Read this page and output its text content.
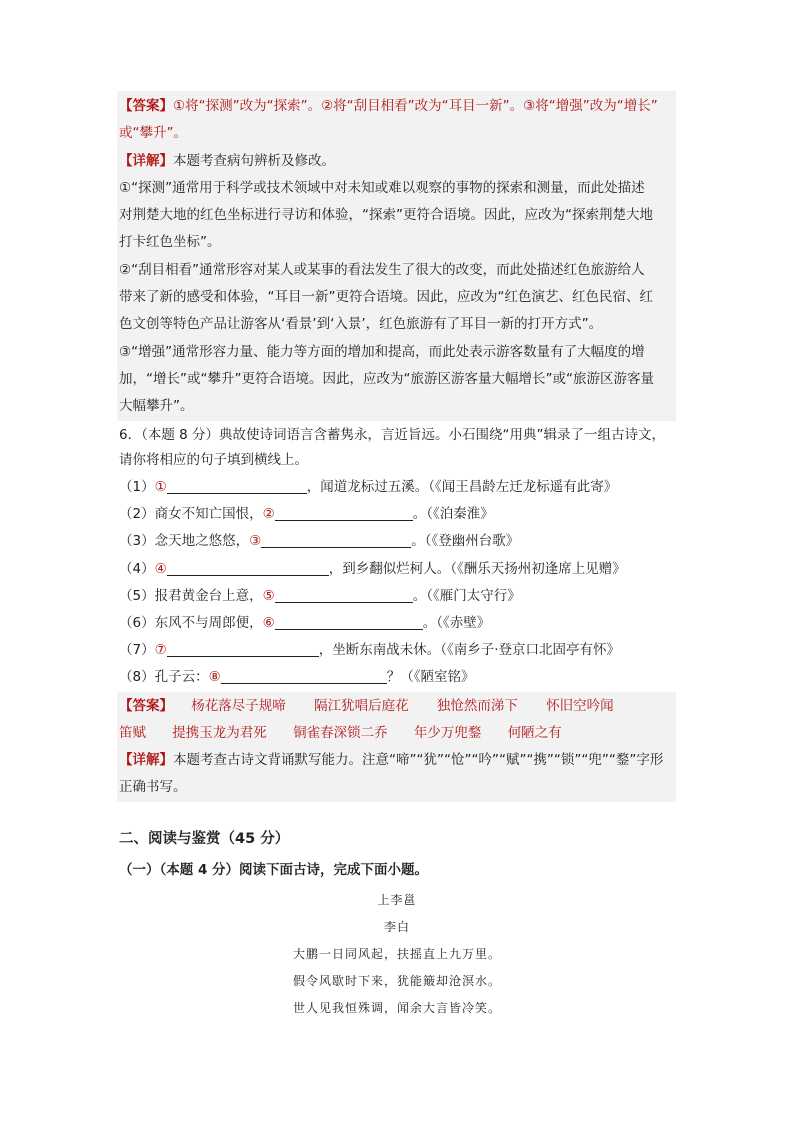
【答案】①将“探测”改为“探索”。②将“刮目相看”改为“耳目一新”。③将“增强”改为“增长”
或“攀升”。
【详解】本题考查病句辨析及修改。
①“探测”通常用于科学或技术领域中对未知或难以观察的事物的探索和测量，而此处描述
对荆楚大地的红色坐标进行寻访和体验，“探索”更符合语境。因此，应改为“探索荆楚大地
打卡红色坐标”。
②“刮目相看”通常形容对某人或某事的看法发生了很大的改变，而此处描述红色旅游给人
带来了新的感受和体验，“耳目一新”更符合语境。因此，应改为“红色演艺、红色民宿、红
色文创等特色产品让游客从‘看景’到‘入景’，红色旅游有了耳目一新的打开方式”。
③“增强”通常形容力量、能力等方面的增加和提高，而此处表示游客数量有了大幅度的增
加，“增长”或“攀升”更符合语境。因此，应改为“旅游区游客量大幅增长”或“旅游区游客量
大幅攀升”。
6．（本题 8 分）典故使诗词语言含蓄隽永，言近旨远。小石围绕“用典”辑录了一组古诗文，
请你将相应的句子填到横线上。
（1）①	，闻道龙标过五溪。（《闻王昌龄左迁龙标遥有此寄》
（2）商女不知亡国恨，②	。（《泊秦淮》
（3）念天地之悠悠，③	。（《登幽州台歌》
（4）④	，到乡翻似烂柯人。（《酬乐天扬州初逢席上见赠》
（5）报君黄金台上意，⑤	。（《雁门太守行》
（6）东风不与周郎便，⑥	。（《赤壁》
（7）⑦	，坐断东南战未休。（《南乡子·登京口北固亭有怀》
（8）孔子云：⑧	？（《陋室铭》
【答案】 杨花落尽子规啼 隔江犹唱后庭花 独怆然而涕下 怀旧空吟闻
笛赋 提携玉龙为君死 铜雀春深锁二乔 年少万兜鍪 何陋之有
【详解】本题考查古诗文背诵默写能力。注意“啼”“犹”“怆”“吟”“赋”“携”“锁”“兜”“鍪”字形
正确书写。
二、阅读与鉴赏（45 分）
（一）（本题 4 分）阅读下面古诗，完成下面小题。
上李邕
李白
大鹏一日同风起，扶摇直上九万里。
假令风歇时下来，犹能簸却沧溟水。
世人见我恒殊调，闻余大言皆冷笑。
